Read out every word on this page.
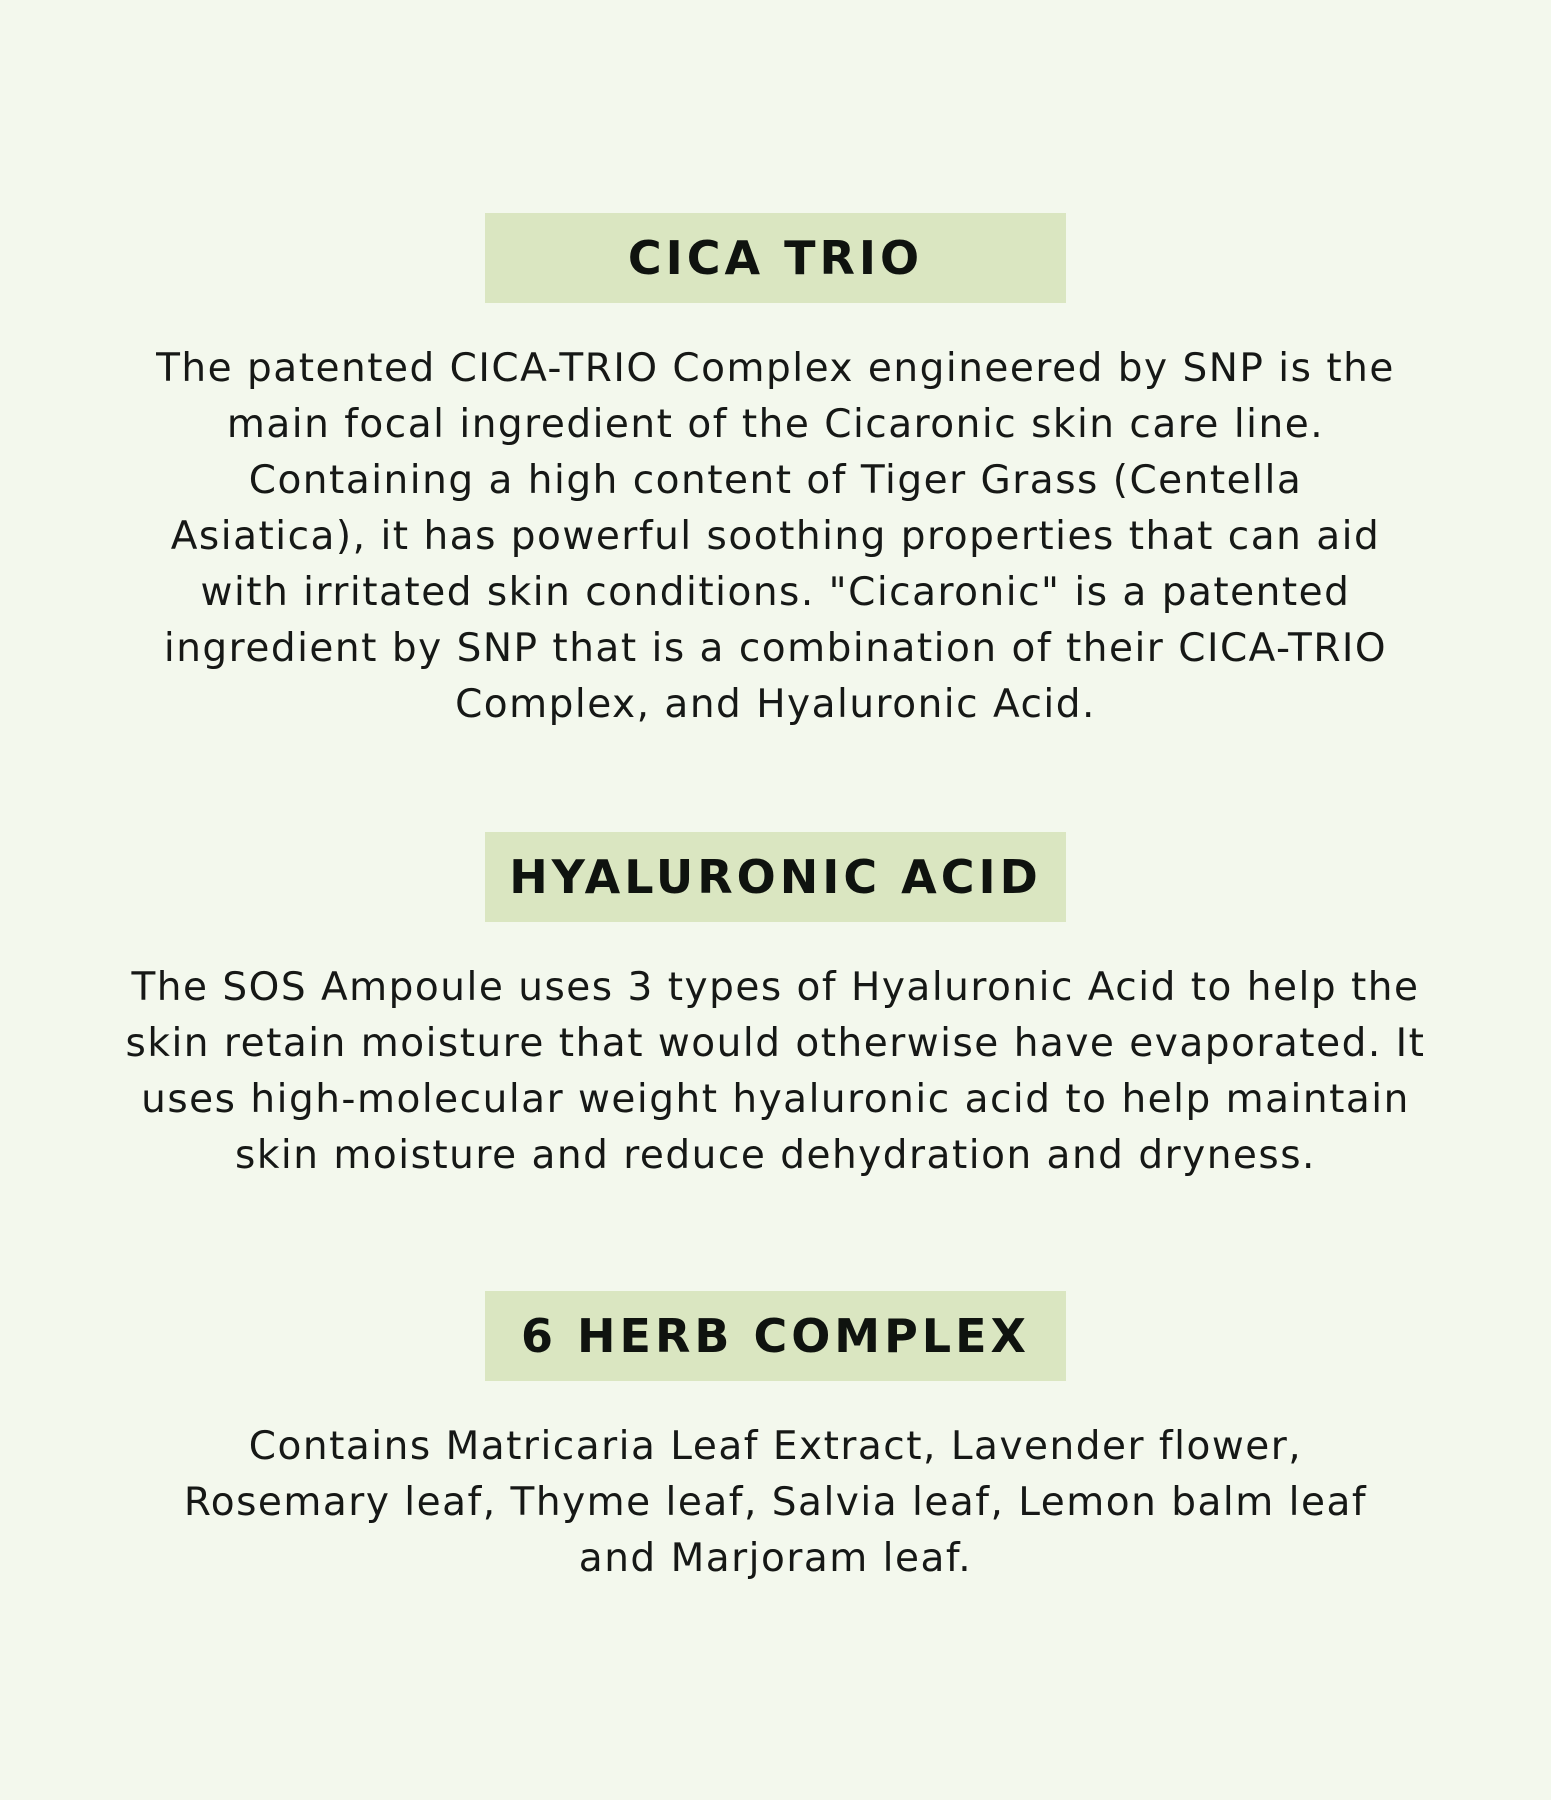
CICA TRIO
The patented CICA-TRIO Complex engineered by SNP is the
main focal ingredient of the Cicaronic skin care line.
Containing a high content of Tiger Grass (Centella
Asiatica), it has powerful soothing properties that can aid
with irritated skin conditions. "Cicaronic" is a patented
ingredient by SNP that is a combination of their CICA-TRIO
Complex, and Hyaluronic Acid.
HYALURONIC ACID
The SOS Ampoule uses 3 types of Hyaluronic Acid to help the
skin retain moisture that would otherwise have evaporated. It
uses high-molecular weight hyaluronic acid to help maintain
skin moisture and reduce dehydration and dryness.
6 HERB COMPLEX
Contains Matricaria Leaf Extract, Lavender flower,
Rosemary leaf, Thyme leaf, Salvia leaf, Lemon balm leaf
and Marjoram leaf.
